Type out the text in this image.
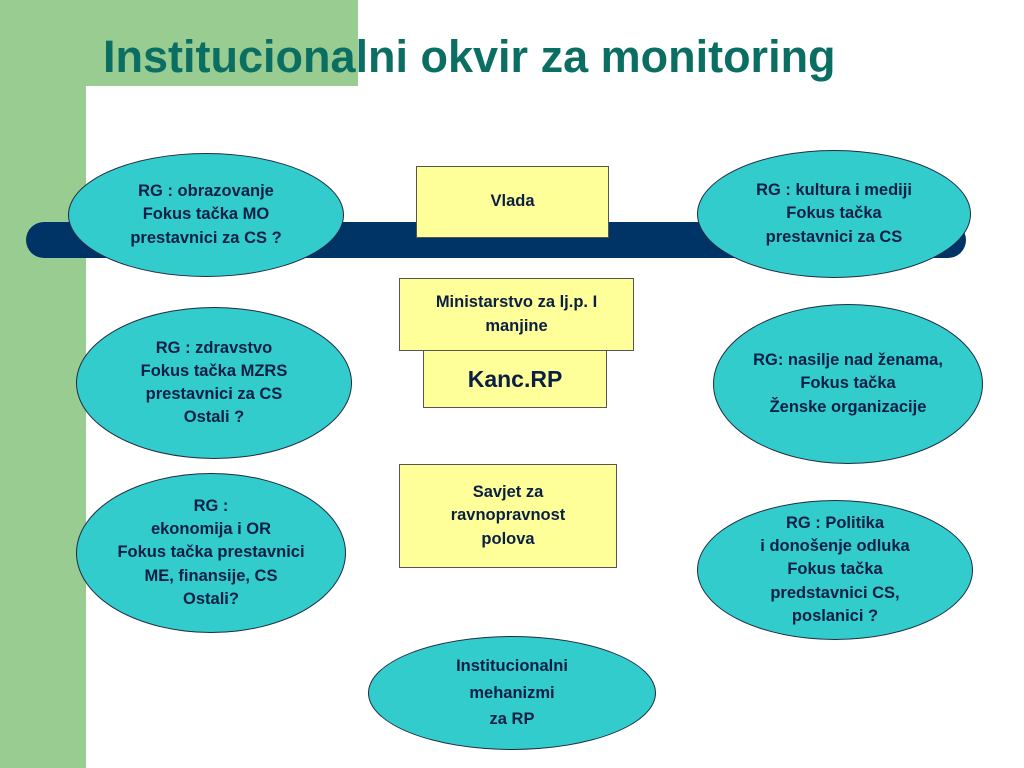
Institucionalni okvir za monitoring
RG : obrazovanje
Fokus tačka MO
prestavnici za CS ?
RG : zdravstvo
Fokus tačka MZRS
prestavnici za CS
Ostali ?
RG :
ekonomija i OR
Fokus tačka prestavnici
ME, finansije, CS
Ostali?
Vlada
Kanc.RP
Ministarstvo za lj.p. I
manjine
Savjet za
ravnopravnost
polova
RG : kultura i mediji
Fokus tačka
prestavnici za CS
RG: nasilje nad ženama,
Fokus tačka
Ženske organizacije
RG : Politika
i donošenje odluka
Fokus tačka
predstavnici CS,
poslanici ?
Institucionalni
mehanizmi
za RP
